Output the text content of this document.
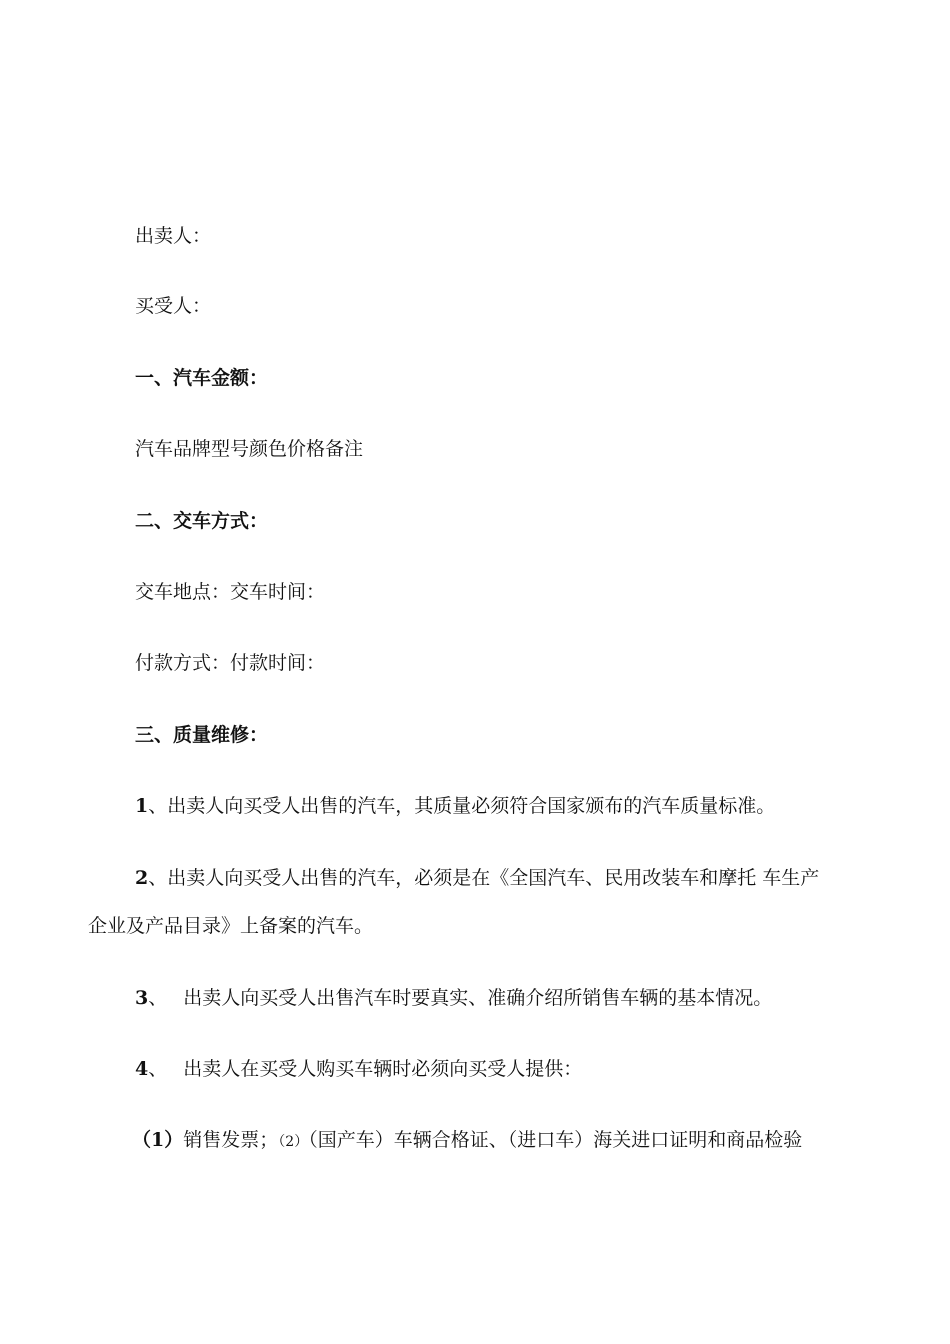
出卖人：
买受人：
一、汽车金额：
汽车品牌型号颜色价格备注
二、交车方式：
交车地点：交车时间：
付款方式：付款时间：
三、质量维修：
1、出卖人向买受人出售的汽车，其质量必须符合国家颁布的汽车质量标准。
2、出卖人向买受人出售的汽车，必须是在《全国汽车、民用改装车和摩托 车生产
企业及产品目录》上备案的汽车。
3、 出卖人向买受人出售汽车时要真实、准确介绍所销售车辆的基本情况。
4、 出卖人在买受人购买车辆时必须向买受人提供：
（1）销售发票；（2）（国产车）车辆合格证、（进口车）海关进口证明和商品检验
